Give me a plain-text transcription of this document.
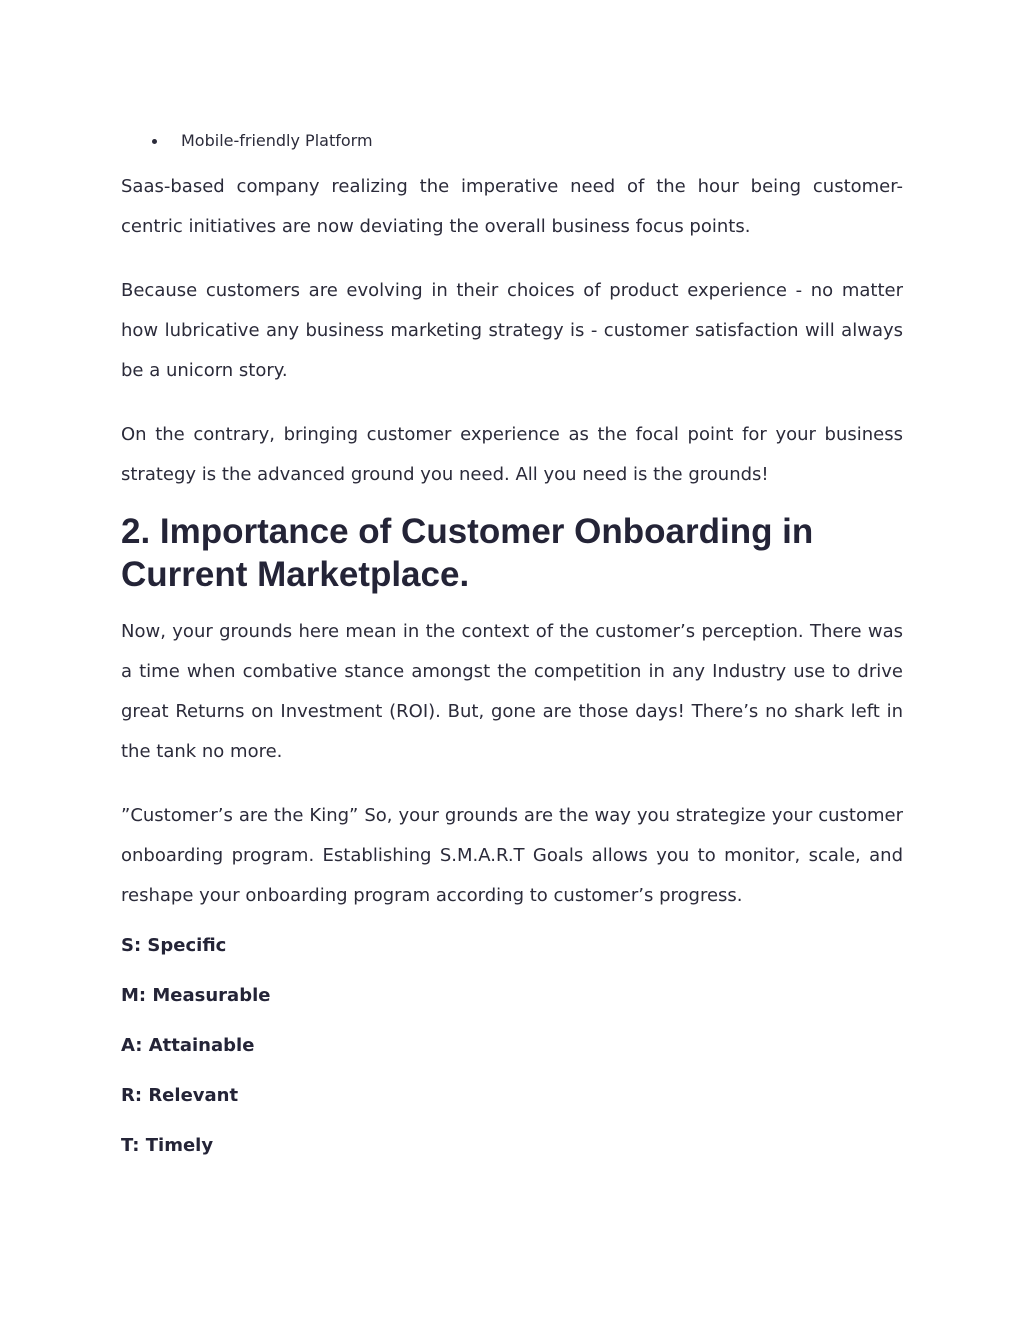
Mobile-friendly Platform

Saas-based company realizing the imperative need of the hour being customer-centric initiatives are now deviating the overall business focus points.

Because customers are evolving in their choices of product experience - no matter how lubricative any business marketing strategy is - customer satisfaction will always be a unicorn story.

On the contrary, bringing customer experience as the focal point for your business strategy is the advanced ground you need. All you need is the grounds!

2. Importance of Customer Onboarding in Current Marketplace.

Now, your grounds here mean in the context of the customer’s perception. There was a time when combative stance amongst the competition in any Industry use to drive great Returns on Investment (ROI). But, gone are those days! There’s no shark left in the tank no more.

”Customer’s are the King” So, your grounds are the way you strategize your customer onboarding program. Establishing S.M.A.R.T Goals allows you to monitor, scale, and reshape your onboarding program according to customer’s progress.

S: Specific

M: Measurable

A: Attainable

R: Relevant

T: Timely
